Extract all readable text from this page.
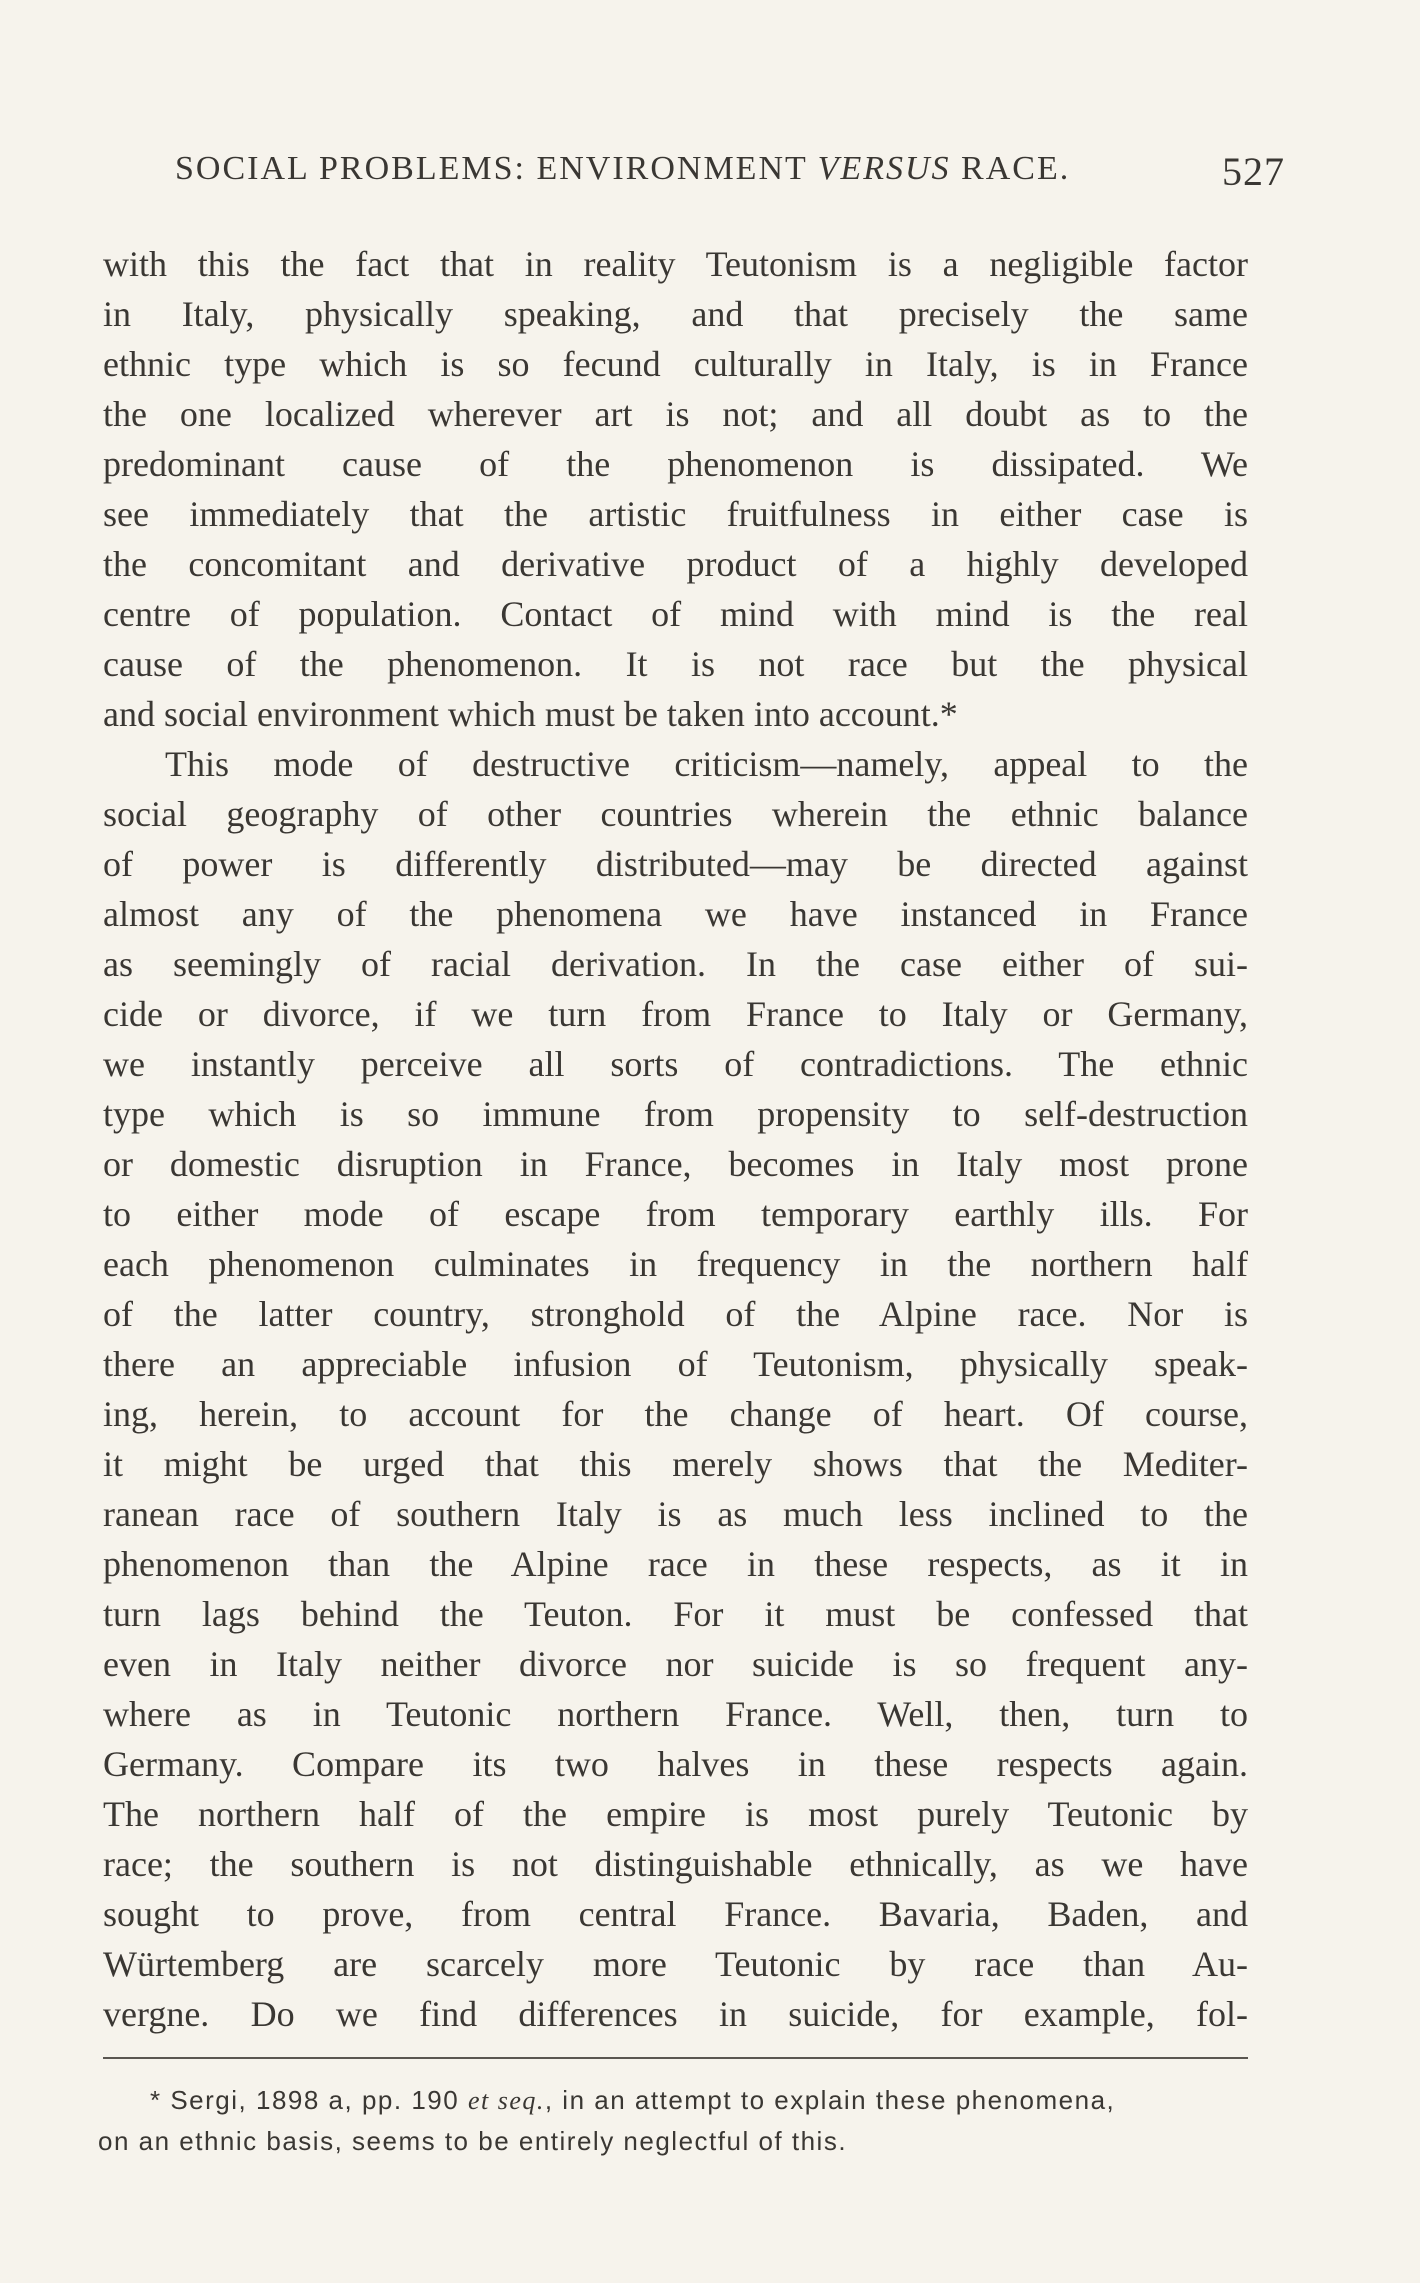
SOCIAL PROBLEMS: ENVIRONMENT VERSUS RACE.	527
with this the fact that in reality Teutonism is a negligible factor
in Italy, physically speaking, and that precisely the same
ethnic type which is so fecund culturally in Italy, is in France
the one localized wherever art is not; and all doubt as to the
predominant cause of the phenomenon is dissipated. We
see immediately that the artistic fruitfulness in either case is
the concomitant and derivative product of a highly developed
centre of population. Contact of mind with mind is the real
cause of the phenomenon. It is not race but the physical
and social environment which must be taken into account.*
This mode of destructive criticism—namely, appeal to the
social geography of other countries wherein the ethnic balance
of power is differently distributed—may be directed against
almost any of the phenomena we have instanced in France
as seemingly of racial derivation. In the case either of sui-
cide or divorce, if we turn from France to Italy or Germany,
we instantly perceive all sorts of contradictions. The ethnic
type which is so immune from propensity to self-destruction
or domestic disruption in France, becomes in Italy most prone
to either mode of escape from temporary earthly ills. For
each phenomenon culminates in frequency in the northern half
of the latter country, stronghold of the Alpine race. Nor is
there an appreciable infusion of Teutonism, physically speak-
ing, herein, to account for the change of heart. Of course,
it might be urged that this merely shows that the Mediter-
ranean race of southern Italy is as much less inclined to the
phenomenon than the Alpine race in these respects, as it in
turn lags behind the Teuton. For it must be confessed that
even in Italy neither divorce nor suicide is so frequent any-
where as in Teutonic northern France. Well, then, turn to
Germany. Compare its two halves in these respects again.
The northern half of the empire is most purely Teutonic by
race; the southern is not distinguishable ethnically, as we have
sought to prove, from central France. Bavaria, Baden, and
Würtemberg are scarcely more Teutonic by race than Au-
vergne. Do we find differences in suicide, for example, fol-
* Sergi, 1898 a, pp. 190 et seq., in an attempt to explain these phenomena,
on an ethnic basis, seems to be entirely neglectful of this.
